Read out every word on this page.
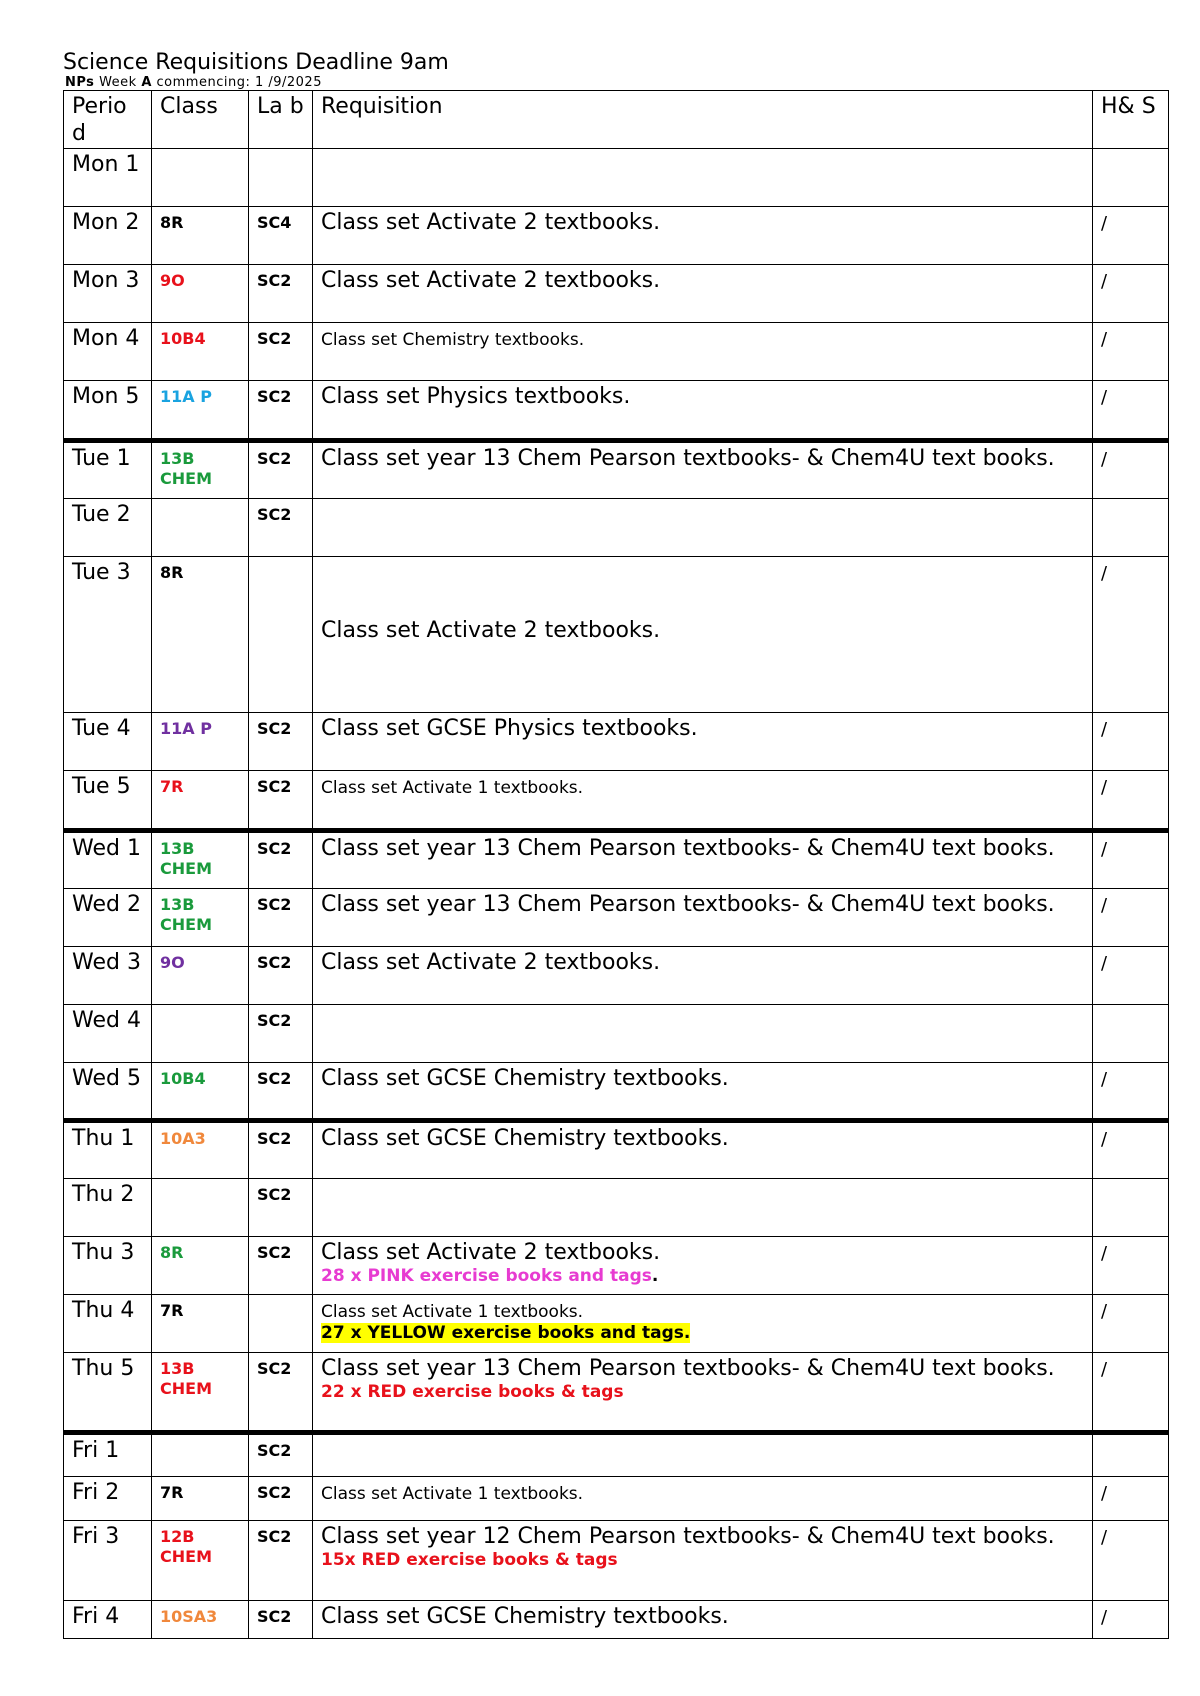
Science Requisitions Deadline 9am
NPs Week A commencing: 1 /9/2025
Perio d	Class	La b	Requisition	H& S
Mon 1				
Mon 2	8R	SC4	Class set Activate 2 textbooks.	/
Mon 3	9O	SC2	Class set Activate 2 textbooks.	/
Mon 4	10B4	SC2	Class set Chemistry textbooks.	/
Mon 5	11A P	SC2	Class set Physics textbooks.	/
Tue 1	13B CHEM	SC2	Class set year 13 Chem Pearson textbooks- & Chem4U text books.	/
Tue 2		SC2		
Tue 3	8R		Class set Activate 2 textbooks.	/
Tue 4	11A P	SC2	Class set GCSE Physics textbooks.	/
Tue 5	7R	SC2	Class set Activate 1 textbooks.	/
Wed 1	13B CHEM	SC2	Class set year 13 Chem Pearson textbooks- & Chem4U text books.	/
Wed 2	13B CHEM	SC2	Class set year 13 Chem Pearson textbooks- & Chem4U text books.	/
Wed 3	9O	SC2	Class set Activate 2 textbooks.	/
Wed 4		SC2		
Wed 5	10B4	SC2	Class set GCSE Chemistry textbooks.	/
Thu 1	10A3	SC2	Class set GCSE Chemistry textbooks.	/
Thu 2		SC2		
Thu 3	8R	SC2	Class set Activate 2 textbooks.
28 x PINK exercise books and tags.	/
Thu 4	7R		Class set Activate 1 textbooks.
27 x YELLOW exercise books and tags.	/
Thu 5	13B CHEM	SC2	Class set year 13 Chem Pearson textbooks- & Chem4U text books.
22 x RED exercise books & tags	/
Fri 1		SC2		
Fri 2	7R	SC2	Class set Activate 1 textbooks.	/
Fri 3	12B CHEM	SC2	Class set year 12 Chem Pearson textbooks- & Chem4U text books.
15x RED exercise books & tags	/
Fri 4	10SA3	SC2	Class set GCSE Chemistry textbooks.	/
